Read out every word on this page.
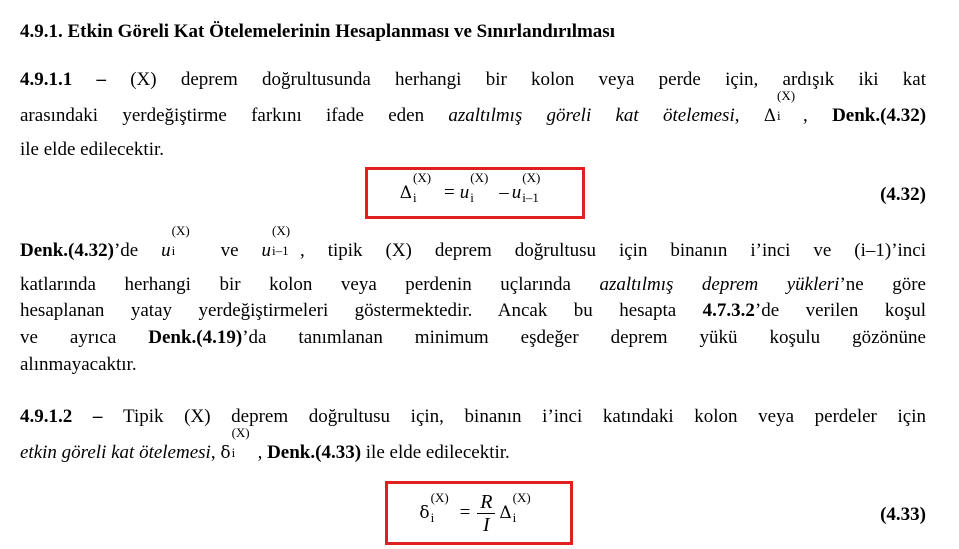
4.9.1. Etkin Göreli Kat Ötelemelerinin Hesaplanması ve Sınırlandırılması
4.9.1.1 – (X) deprem doğrultusunda herhangi bir kolon veya perde için, ardışık iki kat
arasındaki yerdeğiştirme farkını ifade eden azaltılmış göreli kat ötelemesi, Δ
(X)
i , Denk.(4.32)
ile elde edilecektir.
Δ
(X)
i = u
(X)
i – u
(X)
i–1	(4.32)
Denk.(4.32)’de u
(X)
i ve u
(X)
i–1 , tipik (X) deprem doğrultusu için binanın i’inci ve (i–1)’inci
katlarında herhangi bir kolon veya perdenin uçlarında azaltılmış deprem yükleri’ne göre
hesaplanan yatay yerdeğiştirmeleri göstermektedir. Ancak bu hesapta 4.7.3.2’de verilen koşul
ve ayrıca Denk.(4.19)’da tanımlanan minimum eşdeğer deprem yükü koşulu gözönüne
alınmayacaktır.
4.9.1.2 – Tipik (X) deprem doğrultusu için, binanın i’inci katındaki kolon veya perdeler için
etkin göreli kat ötelemesi, δ
(X)
i , Denk.(4.33) ile elde edilecektir.
δ
(X)
$i = \frac{R}{I}$ Δ
(X)
i	(4.33)
